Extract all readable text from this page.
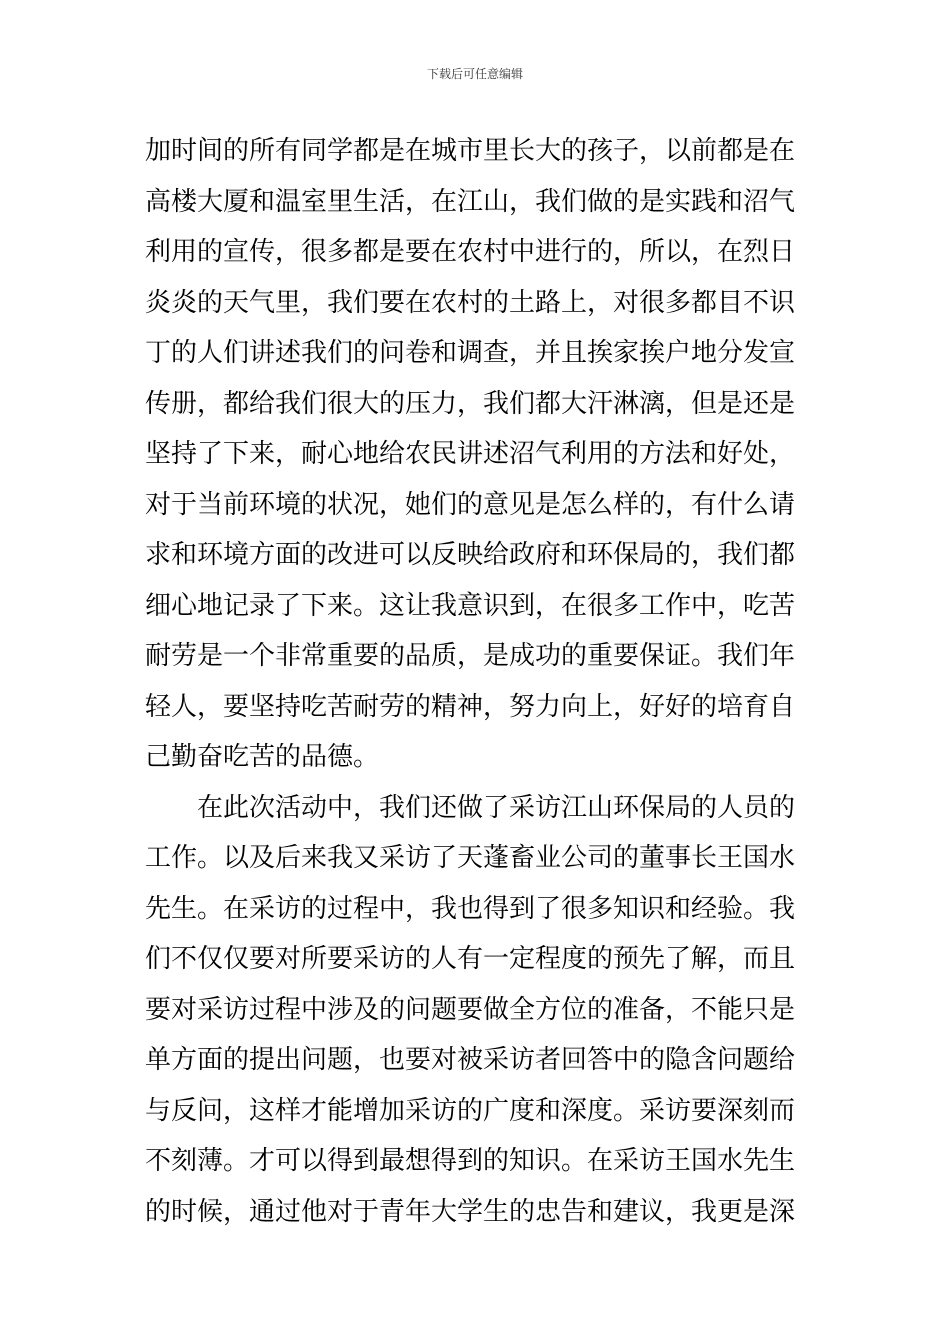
下载后可任意编辑
加时间的所有同学都是在城市里长大的孩子，以前都是在
高楼大厦和温室里生活，在江山，我们做的是实践和沼气
利用的宣传，很多都是要在农村中进行的，所以，在烈日
炎炎的天气里，我们要在农村的土路上，对很多都目不识
丁的人们讲述我们的问卷和调查，并且挨家挨户地分发宣
传册，都给我们很大的压力，我们都大汗淋漓，但是还是
坚持了下来，耐心地给农民讲述沼气利用的方法和好处，
对于当前环境的状况，她们的意见是怎么样的，有什么请
求和环境方面的改进可以反映给政府和环保局的，我们都
细心地记录了下来。这让我意识到，在很多工作中，吃苦
耐劳是一个非常重要的品质，是成功的重要保证。我们年
轻人，要坚持吃苦耐劳的精神，努力向上，好好的培育自
己勤奋吃苦的品德。
在此次活动中，我们还做了采访江山环保局的人员的
工作。以及后来我又采访了天蓬畜业公司的董事长王国水
先生。在采访的过程中，我也得到了很多知识和经验。我
们不仅仅要对所要采访的人有一定程度的预先了解，而且
要对采访过程中涉及的问题要做全方位的准备，不能只是
单方面的提出问题，也要对被采访者回答中的隐含问题给
与反问，这样才能增加采访的广度和深度。采访要深刻而
不刻薄。才可以得到最想得到的知识。在采访王国水先生
的时候，通过他对于青年大学生的忠告和建议，我更是深
